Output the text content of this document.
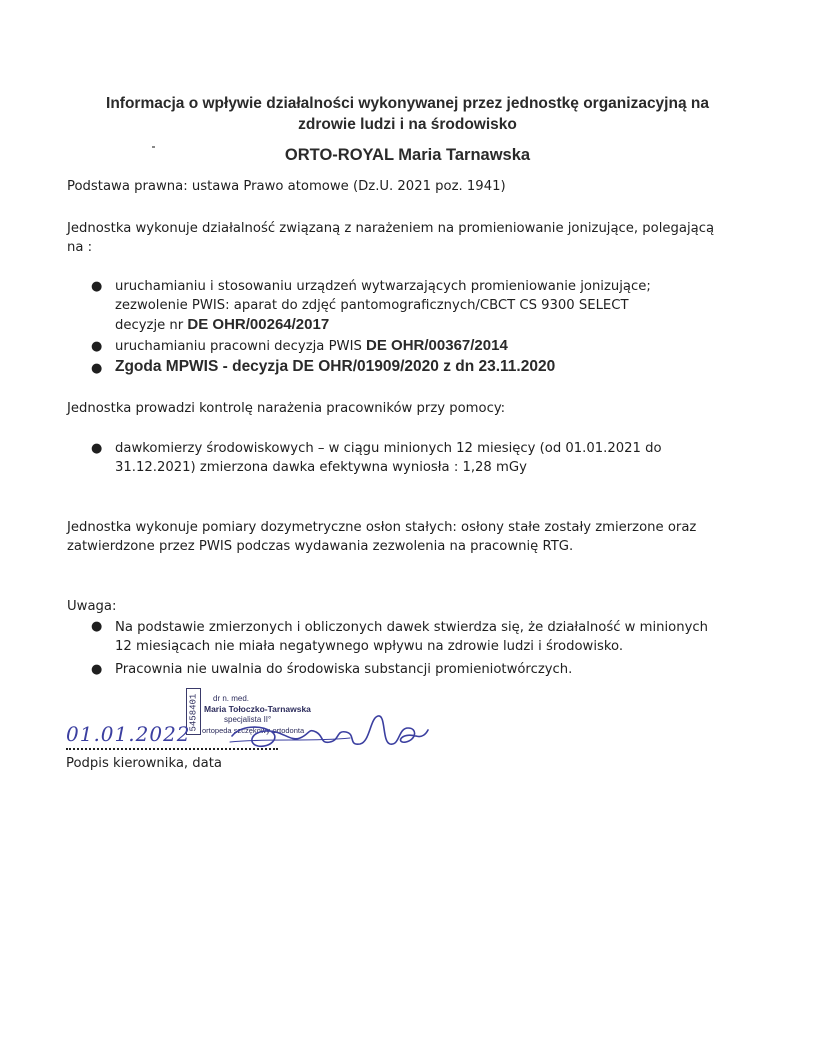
Informacja o wpływie działalności wykonywanej przez jednostkę organizacyjną na
zdrowie ludzi i na środowisko
ORTO-ROYAL Maria Tarnawska
Podstawa prawna: ustawa Prawo atomowe (Dz.U. 2021 poz. 1941)
Jednostka wykonuje działalność związaną z narażeniem na promieniowanie jonizujące, polegającą
na :
● uruchamianiu i stosowaniu urządzeń wytwarzających promieniowanie jonizujące;
zezwolenie PWIS: aparat do zdjęć pantomograficznych/CBCT CS 9300 SELECT
decyzje nr DE OHR/00264/2017
● uruchamianiu pracowni decyzja PWIS DE OHR/00367/2014
● Zgoda MPWIS - decyzja DE OHR/01909/2020 z dn 23.11.2020
Jednostka prowadzi kontrolę narażenia pracowników przy pomocy:
● dawkomierzy środowiskowych – w ciągu minionych 12 miesięcy (od 01.01.2021 do
31.12.2021) zmierzona dawka efektywna wyniosła : 1,28 mGy
Jednostka wykonuje pomiary dozymetryczne osłon stałych: osłony stałe zostały zmierzone oraz
zatwierdzone przez PWIS podczas wydawania zezwolenia na pracownię RTG.
Uwaga:
● Na podstawie zmierzonych i obliczonych dawek stwierdza się, że działalność w minionych
12 miesiącach nie miała negatywnego wpływu na zdrowie ludzi i środowisko.
● Pracownia nie uwalnia do środowiska substancji promieniotwórczych.
5458401 dr n. med.
Maria Tołoczko-Tarnawska
specjalista II°
ortopeda szczękowy-ortodonta
01.01.2022
Podpis kierownika, data
